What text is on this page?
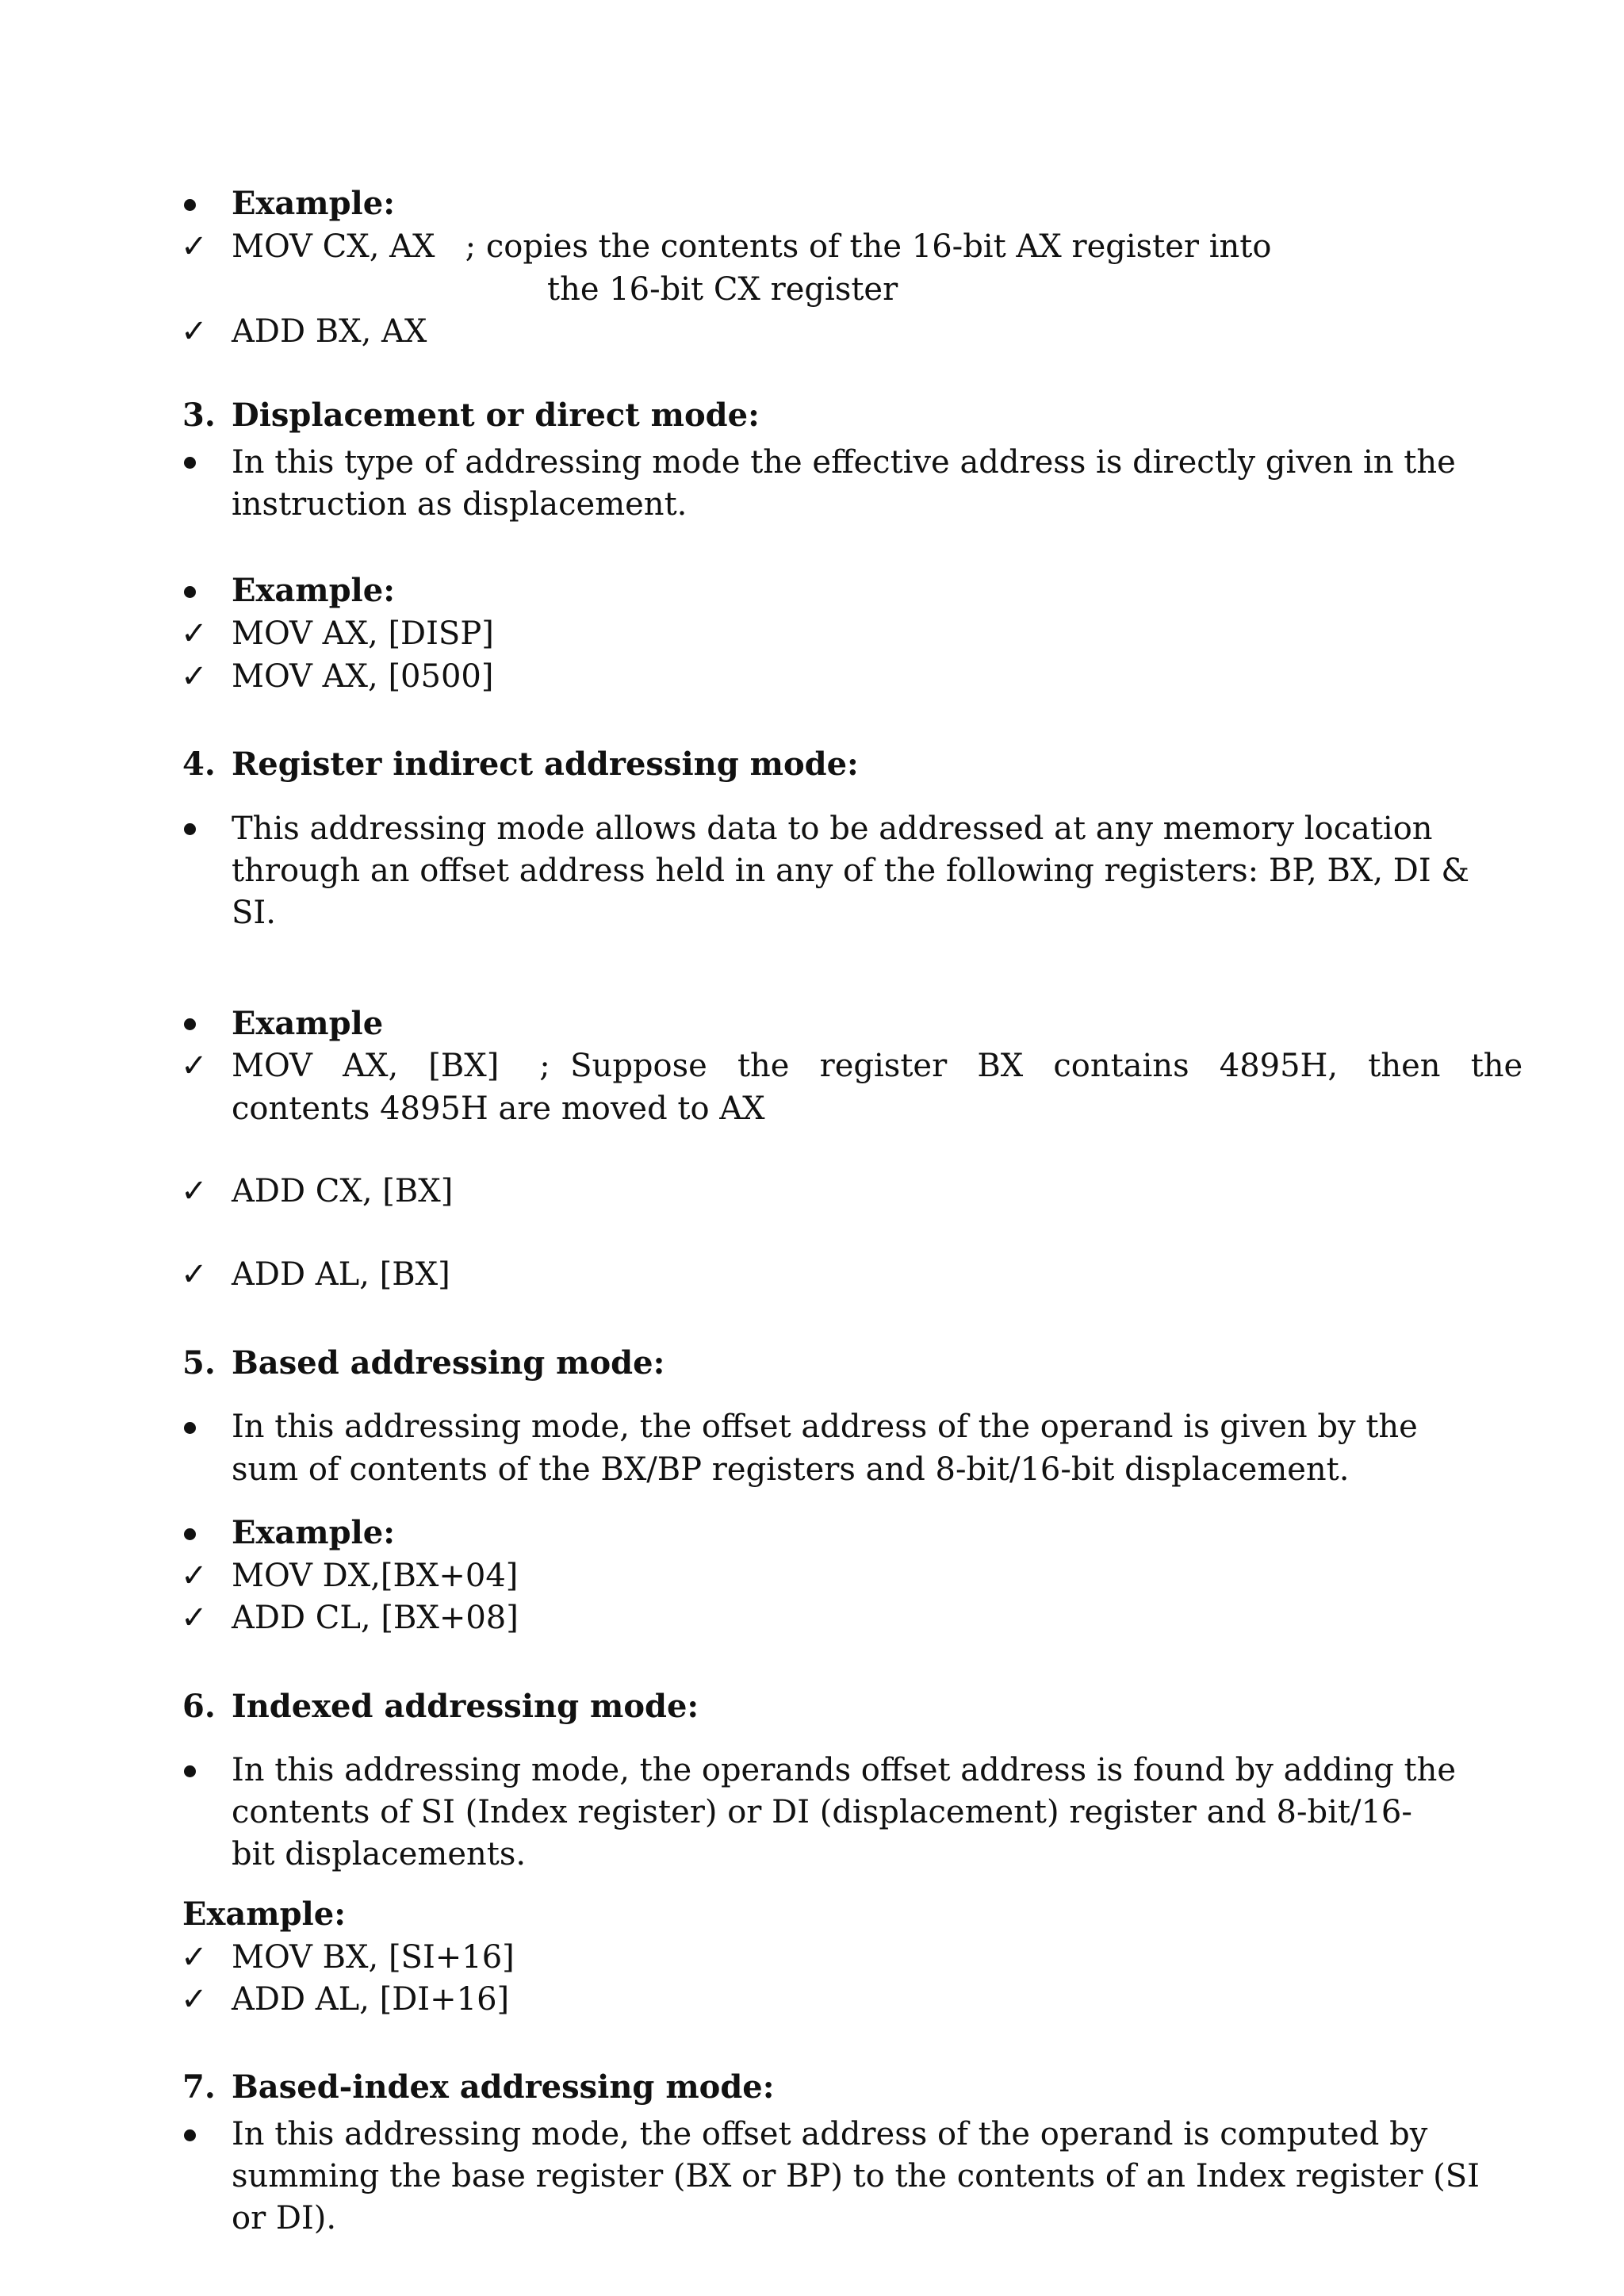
Example:
✓ MOV CX, AX   ; copies the contents of the 16-bit AX register into
the 16-bit CX register
✓ ADD BX, AX
3. Displacement or direct mode:
In this type of addressing mode the effective address is directly given in the
instruction as displacement.
Example:
✓ MOV AX, [DISP]
✓ MOV AX, [0500]
4. Register indirect addressing mode:
This addressing mode allows data to be addressed at any memory location
through an offset address held in any of the following registers: BP, BX, DI &
SI.
Example
✓ MOV   AX,   [BX]    ;  Suppose   the   register   BX   contains   4895H,   then   the
contents 4895H are moved to AX
✓ ADD CX, [BX]
✓ ADD AL, [BX]
5. Based addressing mode:
In this addressing mode, the offset address of the operand is given by the
sum of contents of the BX/BP registers and 8-bit/16-bit displacement.
Example:
✓ MOV DX,[BX+04]
✓ ADD CL, [BX+08]
6. Indexed addressing mode:
In this addressing mode, the operands offset address is found by adding the
contents of SI (Index register) or DI (displacement) register and 8-bit/16-
bit displacements.
Example:
✓ MOV BX, [SI+16]
✓ ADD AL, [DI+16]
7. Based-index addressing mode:
In this addressing mode, the offset address of the operand is computed by
summing the base register (BX or BP) to the contents of an Index register (SI
or DI).
